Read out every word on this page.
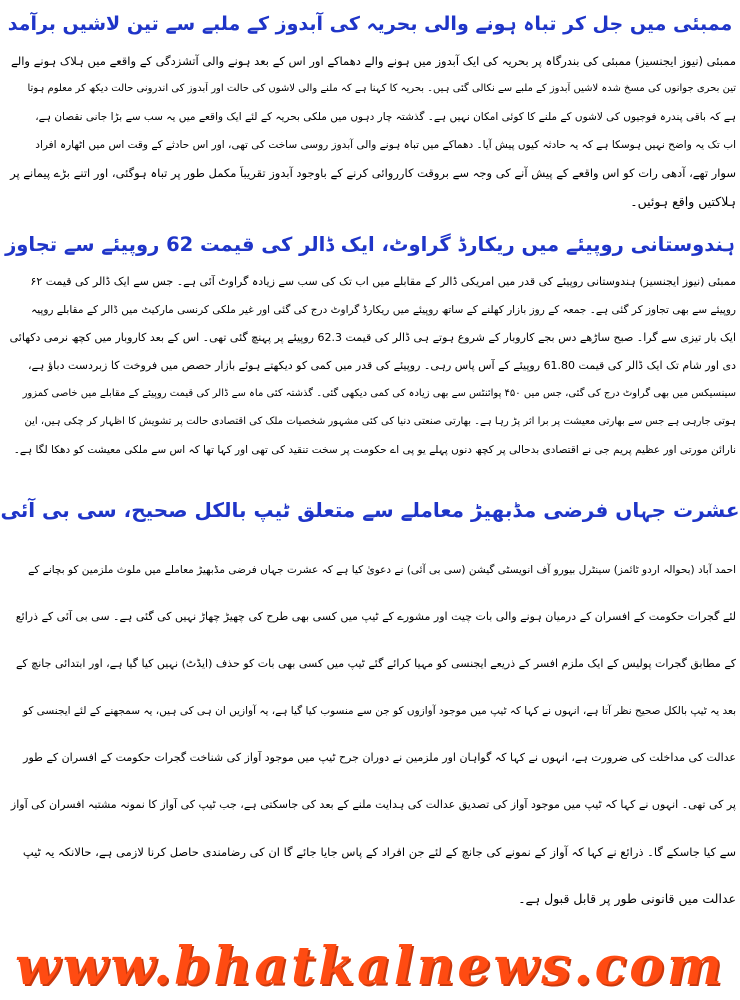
ممبئی میں جل کر تباہ ہونے والی بحریہ کی آبدوز کے ملبے سے تین لاشیں برآمد
ممبئی (نیوز ایجنسیز) ممبئی کی بندرگاہ پر بحریہ کی ایک آبدوز میں ہونے والے دھماکے اور اس کے بعد ہونے والی آتشزدگی کے واقعے میں ہلاک ہونے والے
تین بحری جوانوں کی مسخ شدہ لاشیں آبدوز کے ملبے سے نکالی گئی ہیں۔ بحریہ کا کہنا ہے کہ ملنے والی لاشوں کی حالت اور آبدوز کی اندرونی حالت دیکھ کر معلوم ہوتا
ہے کہ باقی پندرہ فوجیوں کی لاشوں کے ملنے کا کوئی امکان نہیں ہے۔ گذشتہ چار دہوں میں ملکی بحریہ کے لئے ایک واقعے میں یہ سب سے بڑا جانی نقصان ہے،
اب تک یہ واضح نہیں ہوسکا ہے کہ یہ حادثہ کیوں پیش آیا۔ دھماکے میں تباہ ہونے والی آبدوز روسی ساخت کی تھی، اور اس حادثے کے وقت اس میں اٹھارہ افراد
سوار تھے، آدھی رات کو اس واقعے کے پیش آنے کی وجہ سے بروقت کارروائی کرنے کے باوجود آبدوز تقریباً مکمل طور پر تباہ ہوگئی، اور اتنے بڑے پیمانے پر
ہلاکتیں واقع ہوئیں۔
ہندوستانی روپیئے میں ریکارڈ گراوٹ، ایک ڈالر کی قیمت 62 روپیئے سے تجاوز
ممبئی (نیوز ایجنسیز) ہندوستانی روپیئے کی قدر میں امریکی ڈالر کے مقابلے میں اب تک کی سب سے زیادہ گراوٹ آئی ہے۔ جس سے ایک ڈالر کی قیمت ۶۲
روپیئے سے بھی تجاوز کر گئی ہے۔ جمعہ کے روز بازار کھلنے کے ساتھ روپیئے میں ریکارڈ گراوٹ درج کی گئی اور غیر ملکی کرنسی مارکیٹ میں ڈالر کے مقابلے روپیہ
ایک بار تیزی سے گرا۔ صبح ساڑھے دس بجے کاروبار کے شروع ہوتے ہی ڈالر کی قیمت 62.3 روپیئے پر پہنچ گئی تھی۔ اس کے بعد کاروبار میں کچھ نرمی دکھائی
دی اور شام تک ایک ڈالر کی قیمت 61.80 روپیئے کے آس پاس رہی۔ روپیئے کی قدر میں کمی کو دیکھتے ہوئے بازار حصص میں فروخت کا زبردست دباؤ ہے،
سینسیکس میں بھی گراوٹ درج کی گئی، جس میں ۴۵۰ پوائنٹس سے بھی زیادہ کی کمی دیکھی گئی۔ گذشتہ کئی ماہ سے ڈالر کی قیمت روپیئے کے مقابلے میں خاصی کمزور
ہوتی جارہی ہے جس سے بھارتی معیشت پر برا اثر پڑ رہا ہے۔ بھارتی صنعتی دنیا کی کئی مشہور شخصیات ملک کی اقتصادی حالت پر تشویش کا اظہار کر چکی ہیں، این
نارائن مورتی اور عظیم پریم جی نے اقتصادی بدحالی پر کچھ دنوں پہلے یو پی اے حکومت پر سخت تنقید کی تھی اور کہا تھا کہ اس سے ملکی معیشت کو دھکا لگا ہے۔
عشرت جہاں فرضی مڈبھیڑ معاملے سے متعلق ٹیپ بالکل صحیح، سی بی آئی
احمد آباد (بحوالہ اردو ٹائمز) سینٹرل بیورو آف انویسٹی گیشن (سی بی آئی) نے دعویٰ کیا ہے کہ عشرت جہاں فرضی مڈبھیڑ معاملے میں ملوث ملزمین کو بچانے کے
لئے گجرات حکومت کے افسران کے درمیان ہونے والی بات چیت اور مشورے کے ٹیپ میں کسی بھی طرح کی چھیڑ چھاڑ نہیں کی گئی ہے۔ سی بی آئی کے ذرائع
کے مطابق گجرات پولیس کے ایک ملزم افسر کے ذریعے ایجنسی کو مہیا کرائے گئے ٹیپ میں کسی بھی بات کو حذف (ایڈٹ) نہیں کیا گیا ہے، اور ابتدائی جانچ کے
بعد یہ ٹیپ بالکل صحیح نظر آتا ہے، انہوں نے کہا کہ ٹیپ میں موجود آوازوں کو جن سے منسوب کیا گیا ہے، یہ آوازیں ان ہی کی ہیں، یہ سمجھنے کے لئے ایجنسی کو
عدالت کی مداخلت کی ضرورت ہے، انہوں نے کہا کہ گواہان اور ملزمین نے دوران جرح ٹیپ میں موجود آواز کی شناخت گجرات حکومت کے افسران کے طور
پر کی تھی۔ انہوں نے کہا کہ ٹیپ میں موجود آواز کی تصدیق عدالت کی ہدایت ملنے کے بعد کی جاسکتی ہے، جب ٹیپ کی آواز کا نمونہ مشتبہ افسران کی آواز
سے کیا جاسکے گا۔ ذرائع نے کہا کہ آواز کے نمونے کی جانچ کے لئے جن افراد کے پاس جایا جائے گا ان کی رضامندی حاصل کرنا لازمی ہے، حالانکہ یہ ٹیپ
عدالت میں قانونی طور پر قابل قبول ہے۔
www.bhatkalnews.com
